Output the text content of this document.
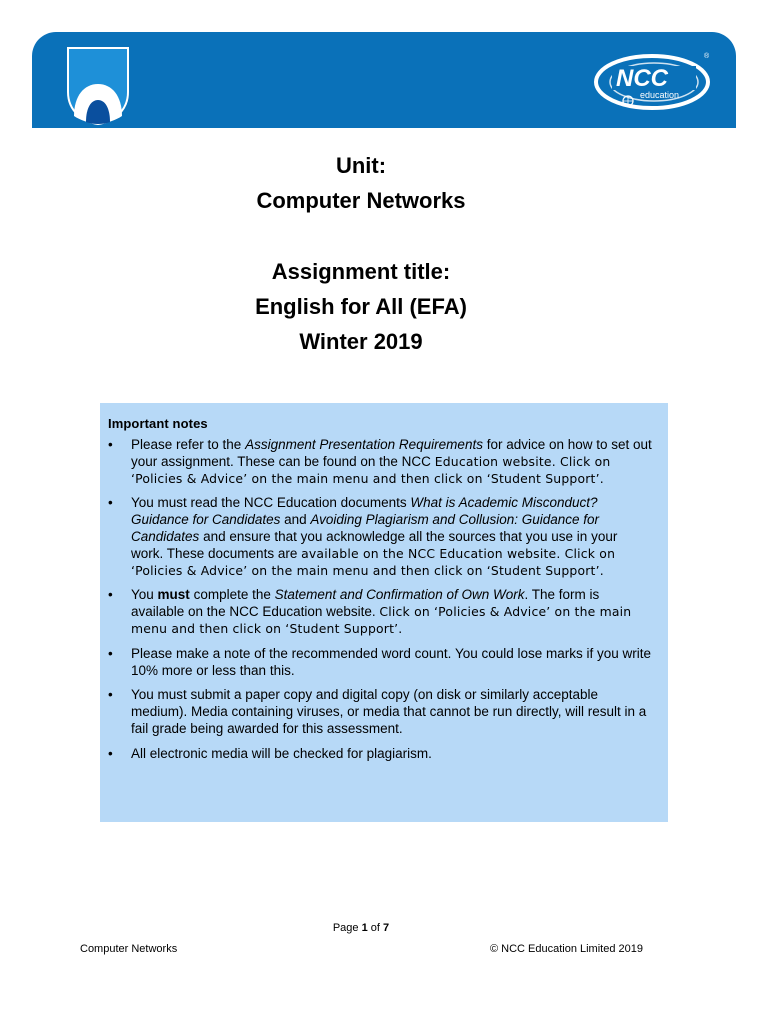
NCC
education
®
Unit:
Computer Networks
Assignment title:
English for All (EFA)
Winter 2019
Important notes
• Please refer to the Assignment Presentation Requirements for advice on how to set out your assignment. These can be found on the NCC Education website. Click on ‘Policies & Advice’ on the main menu and then click on ‘Student Support’.
• You must read the NCC Education documents What is Academic Misconduct? Guidance for Candidates and Avoiding Plagiarism and Collusion: Guidance for Candidates and ensure that you acknowledge all the sources that you use in your work. These documents are available on the NCC Education website. Click on ‘Policies & Advice’ on the main menu and then click on ‘Student Support’.
• You must complete the Statement and Confirmation of Own Work. The form is available on the NCC Education website. Click on ‘Policies & Advice’ on the main menu and then click on ‘Student Support’.
• Please make a note of the recommended word count. You could lose marks if you write 10% more or less than this.
• You must submit a paper copy and digital copy (on disk or similarly acceptable medium). Media containing viruses, or media that cannot be run directly, will result in a fail grade being awarded for this assessment.
• All electronic media will be checked for plagiarism.
Page 1 of 7
Computer Networks	© NCC Education Limited 2019
